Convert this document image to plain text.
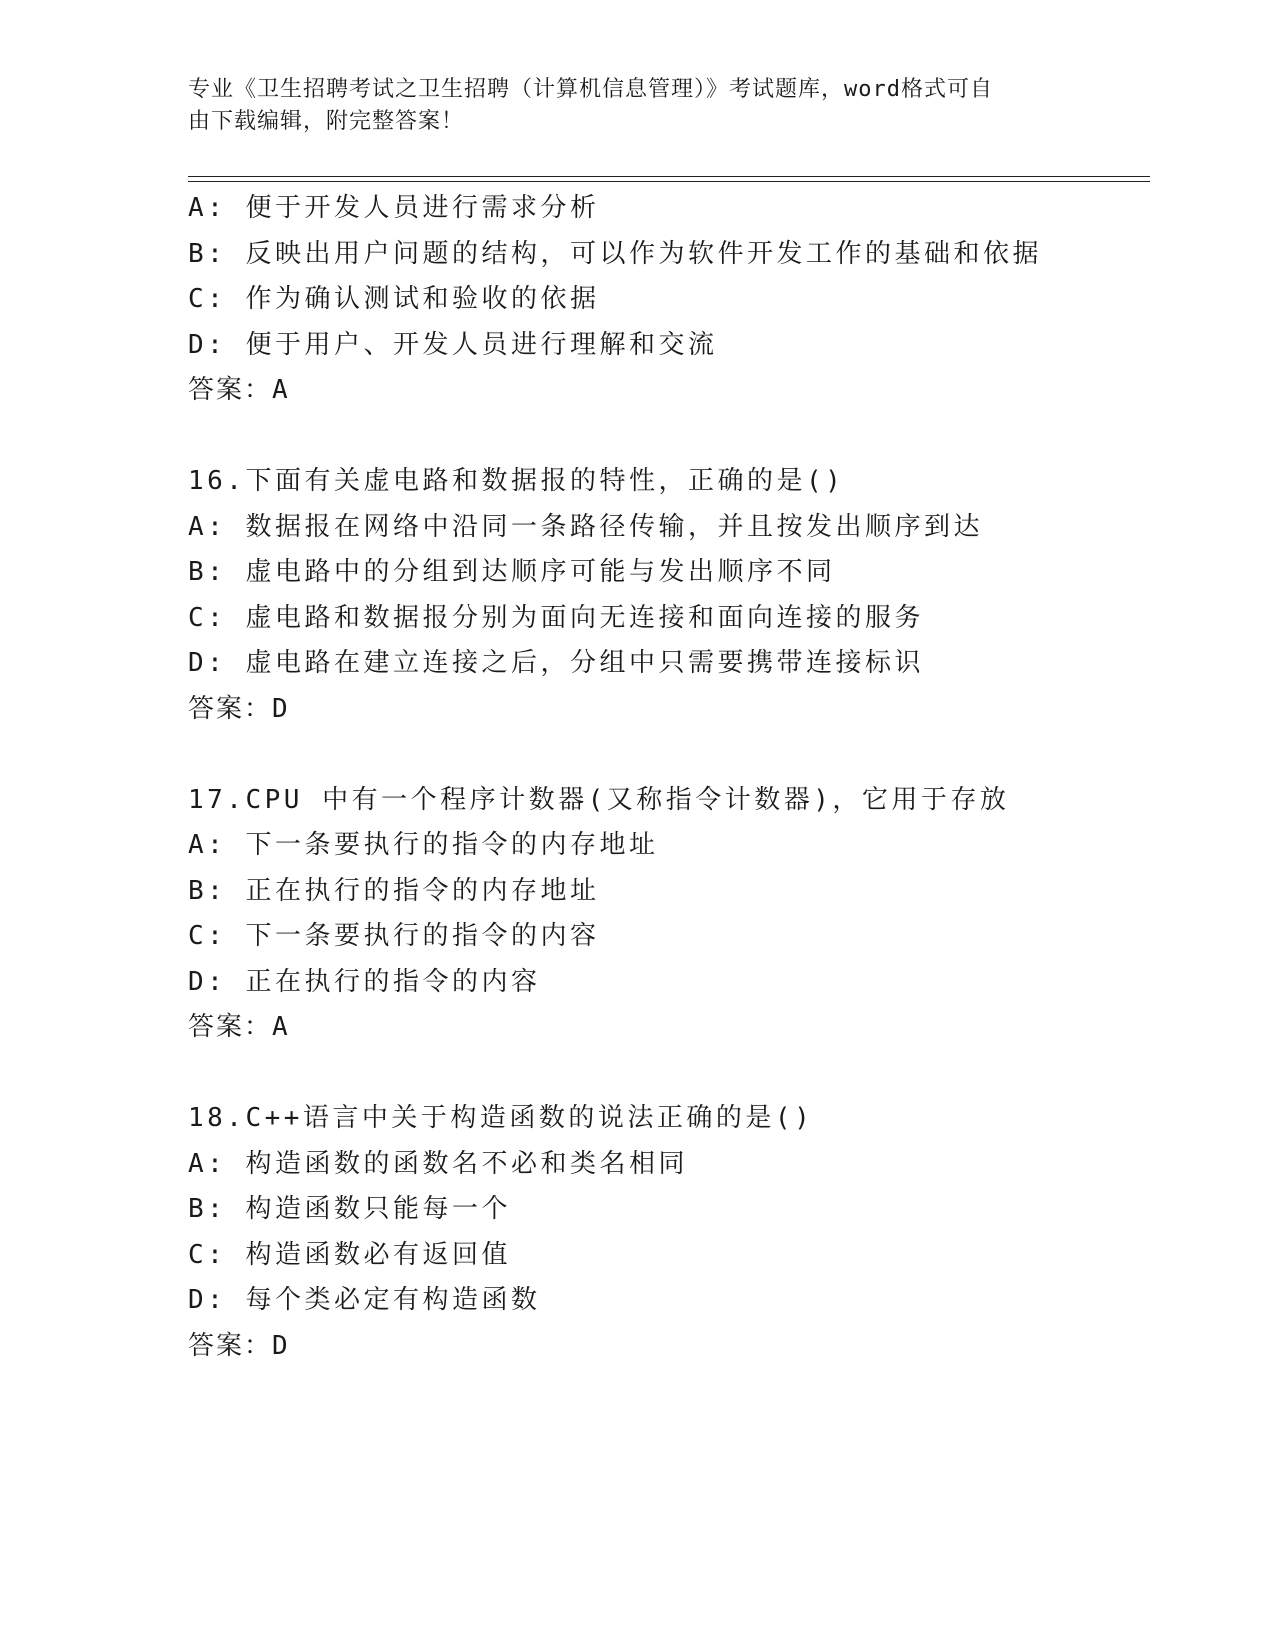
专业《卫生招聘考试之卫生招聘（计算机信息管理）》考试题库，word格式可自

由下载编辑，附完整答案！

A: 便于开发人员进行需求分析
B: 反映出用户问题的结构，可以作为软件开发工作的基础和依据
C: 作为确认测试和验收的依据
D: 便于用户、开发人员进行理解和交流
答案：A
16.下面有关虚电路和数据报的特性，正确的是()
A: 数据报在网络中沿同一条路径传输，并且按发出顺序到达
B: 虚电路中的分组到达顺序可能与发出顺序不同
C: 虚电路和数据报分别为面向无连接和面向连接的服务
D: 虚电路在建立连接之后，分组中只需要携带连接标识
答案：D
17.CPU 中有一个程序计数器(又称指令计数器)，它用于存放
A: 下一条要执行的指令的内存地址
B: 正在执行的指令的内存地址
C: 下一条要执行的指令的内容
D: 正在执行的指令的内容
答案：A
18.C++语言中关于构造函数的说法正确的是()
A: 构造函数的函数名不必和类名相同
B: 构造函数只能每一个
C: 构造函数必有返回值
D: 每个类必定有构造函数
答案：D
